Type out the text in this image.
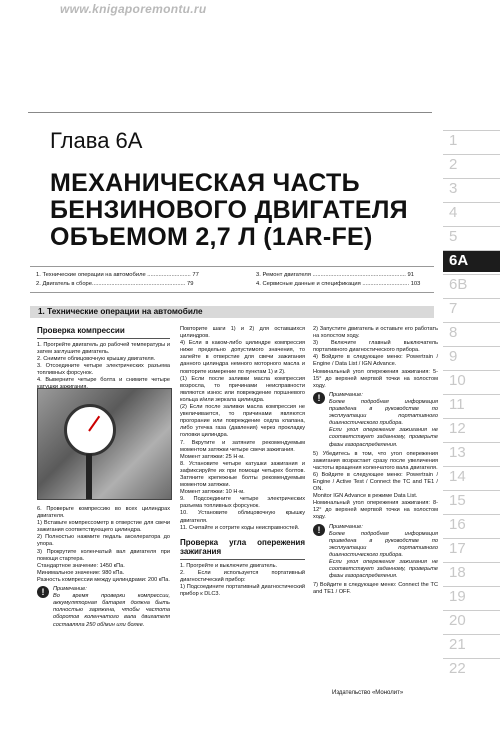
www.knigaporemontu.ru
Глава 6A
МЕХАНИЧЕСКАЯ ЧАСТЬ
БЕНЗИНОВОГО ДВИГАТЕЛЯ
ОБЪЕМОМ 2,7 Л (1AR-FE)
1. Технические операции на автомобиле ........................... 77
2. Двигатель в сборе.......................................................... 79
3. Ремонт двигателя .......................................................... 91
4. Сервисные данные и спецификация ............................. 103
1. Технические операции на автомобиле
Проверка компрессии

1. Прогрейте двигатель до рабочей температуры и затем заглушите двигатель.

2. Снимите облицовочную крышку двигателя.

3. Отсоедините четыре электрических разъема топливных форсунок.

4. Выверните четыре болта и снимите четыре

6. Проверьте компрессию во всех цилиндрах двигателя.

1) Вставьте компрессометр в отверстие для свечи зажигания соответствующего цилиндра.

2) Полностью нажмите педаль акселератора до упора.

3) Прокрутите коленчатый вал двигателя при помощи стартера.

Стандартное значение: 1450 кПа.

Минимальное значение: 980 кПа.

Разность компрессии между цилиндрами: 200 кПа.

!	Примечание:
Во время проверки компрессии, аккумуляторная батарея должна быть полностью заряжена, чтобы частота оборотов коленчатого вала двигателя составляла 250 об/мин или более.

Повторите шаги 1) и 2) для оставшихся цилиндров.

4) Если в каком-либо цилиндре компрессия ниже предельно допустимого значения, то залейте в отверстие для свечи зажигания данного цилиндра немного моторного масла и повторите измерение по пунктам 1) и 2).

(1) Если после заливки масла компрессия возросла, то причинами неисправности являются износ или повреждение поршневого кольца и/или зеркала цилиндра.

(2) Если после заливки масла компрессия не увеличивается, то причинами являются прогорание или повреждение седла клапана, либо утечка газа (давления) через прокладку головки цилиндра.

7. Вкрутите и затяните рекомендуемым моментом затяжки четыре свечи зажигания.

Момент затяжки: 25 Н·м.

8. Установите четыре катушки зажигания и зафиксируйте их при помощи четырех болтов. Затяните крепежные болты рекомендуемым моментом затяжки.

Момент затяжки: 10 Н·м.

9. Подсоедините четыре электрических разъема топливных форсунок.

10. Установите облицовочную крышку двигателя.

11. Считайте и сотрите коды неисправностей.

Проверка угла опережения зажигания

1. Прогрейте и выключите двигатель.

2. Если используется портативный диагностический прибор:

1) Подсоедините портативный диагностический прибор к DLC3.

2) Запустите двигатель и оставьте его работать на холостом ходу.

3) Включите главный выключатель портативного диагностического прибора.

4) Войдите в следующее меню: Powertrain / Engine / Data List / IGN Advance.

Номинальный угол опережения зажигания: 5-15° до верхней мертвой точки на холостом ходу.

!	Примечание:
Более подробная информация приведена в руководстве по эксплуатации портативного диагностического прибора.
Если угол опережения зажигания не соответствует заданному, проверьте фазы газораспределения.

5) Убедитесь в том, что угол опережения зажигания возрастает сразу после увеличения частоты вращения коленчатого вала двигателя.

6) Войдите в следующее меню: Powertrain / Engine / Active Test / Connect the TC and TE1 / ON.

Monitor IGN Advance в режиме Data List.

Номинальный угол опережения зажигания: 8-12° до верхней мертвой точки на холостом ходу.

!	Примечание:
Более подробная информация приведена в руководстве по эксплуатации портативного диагностического прибора.
Если угол опережения зажигания не соответствует заданному, проверьте фазы газораспределения.

7) Войдите в следующее меню: Connect the TC and TE1 / OFF.

Издательство «Монолит»
1
2
3
4
5
6A
6B
7
8
9
10
11
12
13
14
15
16
17
18
19
20
21
22
